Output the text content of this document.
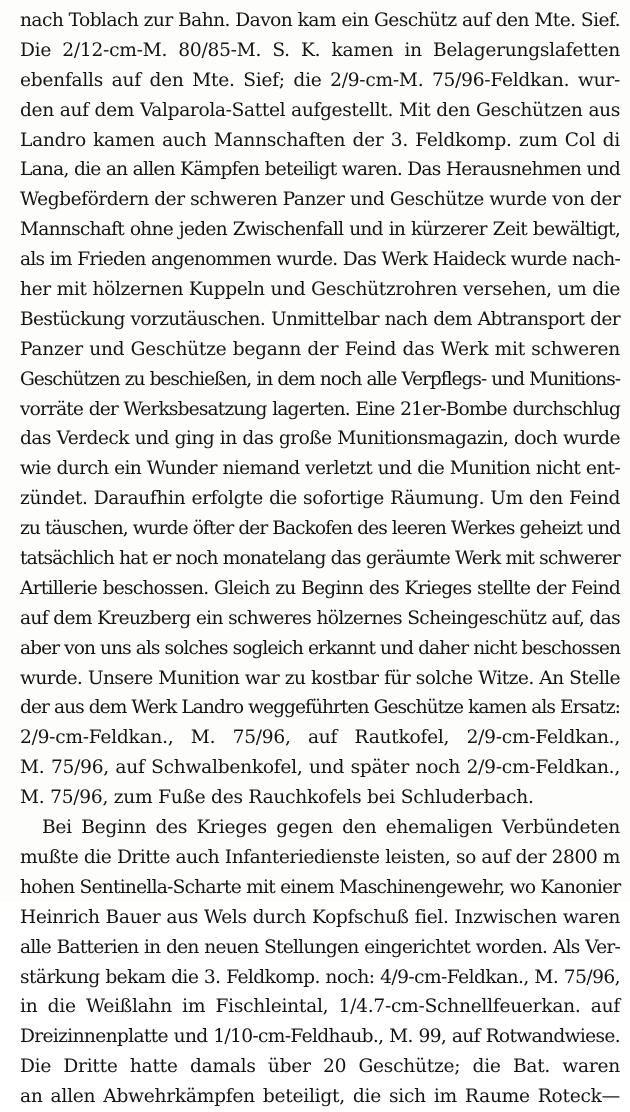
nach Toblach zur Bahn. Davon kam ein Geschütz auf den Mte. Sief.
Die 2/12-cm-M. 80/85-M. S. K. kamen in Belagerungslafetten
ebenfalls auf den Mte. Sief; die 2/9-cm-M. 75/96-Feldkan. wur-
den auf dem Valparola-Sattel aufgestellt. Mit den Geschützen aus
Landro kamen auch Mannschaften der 3. Feldkomp. zum Col di
Lana, die an allen Kämpfen beteiligt waren. Das Herausnehmen und
Wegbefördern der schweren Panzer und Geschütze wurde von der
Mannschaft ohne jeden Zwischenfall und in kürzerer Zeit bewältigt,
als im Frieden angenommen wurde. Das Werk Haideck wurde nach-
her mit hölzernen Kuppeln und Geschützrohren versehen, um die
Bestückung vorzutäuschen. Unmittelbar nach dem Abtransport der
Panzer und Geschütze begann der Feind das Werk mit schweren
Geschützen zu beschießen, in dem noch alle Verpflegs- und Munitions-
vorräte der Werksbesatzung lagerten. Eine 21er-Bombe durchschlug
das Verdeck und ging in das große Munitionsmagazin, doch wurde
wie durch ein Wunder niemand verletzt und die Munition nicht ent-
zündet. Daraufhin erfolgte die sofortige Räumung. Um den Feind
zu täuschen, wurde öfter der Backofen des leeren Werkes geheizt und
tatsächlich hat er noch monatelang das geräumte Werk mit schwerer
Artillerie beschossen. Gleich zu Beginn des Krieges stellte der Feind
auf dem Kreuzberg ein schweres hölzernes Scheingeschütz auf, das
aber von uns als solches sogleich erkannt und daher nicht beschossen
wurde. Unsere Munition war zu kostbar für solche Witze. An Stelle
der aus dem Werk Landro weggeführten Geschütze kamen als Ersatz:
2/9-cm-Feldkan., M. 75/96, auf Rautkofel, 2/9-cm-Feldkan.,
M. 75/96, auf Schwalbenkofel, und später noch 2/9-cm-Feldkan.,
M. 75/96, zum Fuße des Rauchkofels bei Schluderbach.
Bei Beginn des Krieges gegen den ehemaligen Verbündeten
mußte die Dritte auch Infanteriedienste leisten, so auf der 2800 m
hohen Sentinella-Scharte mit einem Maschinengewehr, wo Kanonier
Heinrich Bauer aus Wels durch Kopfschuß fiel. Inzwischen waren
alle Batterien in den neuen Stellungen eingerichtet worden. Als Ver-
stärkung bekam die 3. Feldkomp. noch: 4/9-cm-Feldkan., M. 75/96,
in die Weißlahn im Fischleintal, 1/4.7-cm-Schnellfeuerkan. auf
Dreizinnenplatte und 1/10-cm-Feldhaub., M. 99, auf Rotwandwiese.
Die Dritte hatte damals über 20 Geschütze; die Bat. waren
an allen Abwehrkämpfen beteiligt, die sich im Raume Roteck—
